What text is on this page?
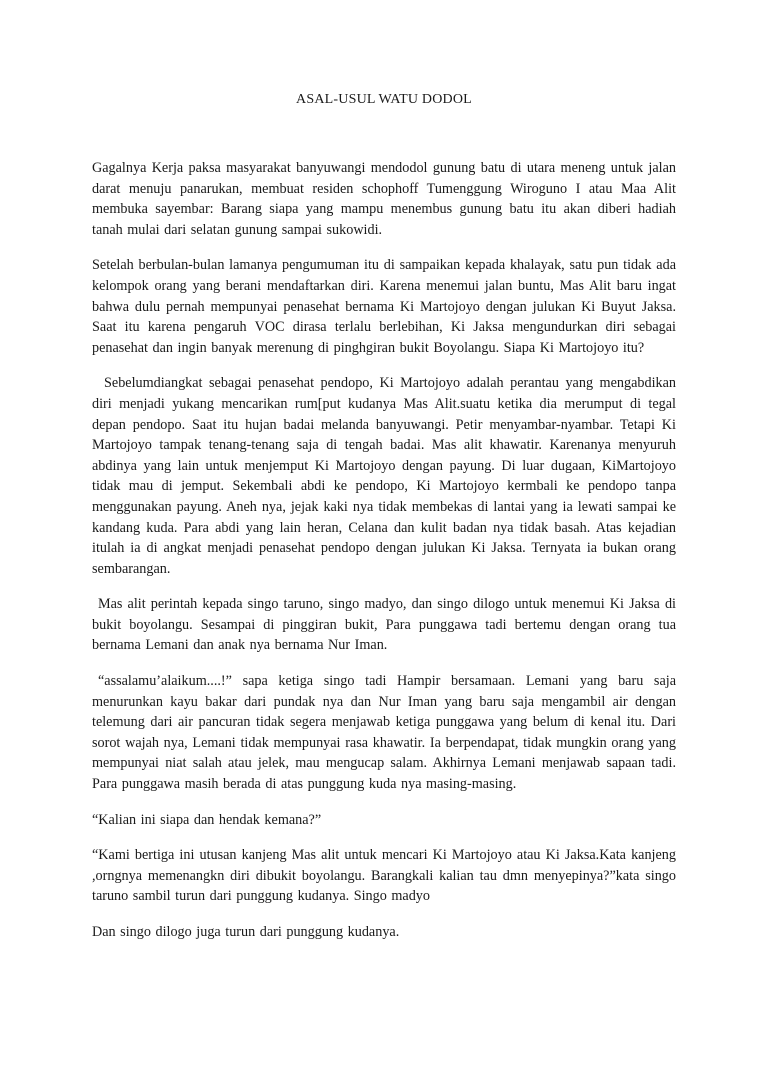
ASAL-USUL WATU DODOL

Gagalnya Kerja paksa masyarakat banyuwangi mendodol gunung batu di utara meneng untuk jalan darat menuju panarukan, membuat residen schophoff Tumenggung Wiroguno I atau Maa Alit membuka sayembar: Barang siapa yang mampu menembus gunung batu itu akan diberi hadiah tanah mulai dari selatan gunung sampai sukowidi.

Setelah berbulan-bulan lamanya pengumuman itu di sampaikan kepada khalayak, satu pun tidak ada kelompok orang yang berani mendaftarkan diri. Karena menemui jalan buntu, Mas Alit baru ingat bahwa dulu pernah mempunyai penasehat bernama Ki Martojoyo dengan julukan Ki Buyut Jaksa. Saat itu karena pengaruh VOC dirasa terlalu berlebihan, Ki Jaksa mengundurkan diri sebagai penasehat dan ingin banyak merenung di pinghgiran bukit Boyolangu. Siapa Ki Martojoyo itu?

Sebelumdiangkat sebagai penasehat pendopo, Ki Martojoyo adalah perantau yang mengabdikan diri menjadi yukang mencarikan rum[put kudanya Mas Alit.suatu ketika dia merumput di tegal depan pendopo. Saat itu hujan badai melanda banyuwangi. Petir menyambar-nyambar. Tetapi Ki Martojoyo tampak tenang-tenang saja di tengah badai. Mas alit khawatir. Karenanya menyuruh abdinya yang lain untuk menjemput Ki Martojoyo dengan payung. Di luar dugaan, KiMartojoyo tidak mau di jemput. Sekembali abdi ke pendopo, Ki Martojoyo kermbali ke pendopo tanpa menggunakan payung. Aneh nya, jejak kaki nya tidak membekas di lantai yang ia lewati sampai ke kandang kuda. Para abdi yang lain heran, Celana dan kulit badan nya tidak basah. Atas kejadian itulah ia di angkat menjadi penasehat pendopo dengan julukan Ki Jaksa. Ternyata ia bukan orang sembarangan.

Mas alit perintah kepada singo taruno, singo madyo, dan singo dilogo untuk menemui Ki Jaksa di bukit boyolangu. Sesampai di pinggiran bukit, Para punggawa tadi bertemu dengan orang tua bernama Lemani dan anak nya bernama Nur Iman.

“assalamu’alaikum....!” sapa ketiga singo tadi Hampir bersamaan. Lemani yang baru saja menurunkan kayu bakar dari pundak nya dan Nur Iman yang baru saja mengambil air dengan telemung dari air pancuran tidak segera menjawab ketiga punggawa yang belum di kenal itu. Dari sorot wajah nya, Lemani tidak mempunyai rasa khawatir. Ia berpendapat, tidak mungkin orang yang mempunyai niat salah atau jelek, mau mengucap salam. Akhirnya Lemani menjawab sapaan tadi. Para punggawa masih berada di atas punggung kuda nya masing-masing.

“Kalian ini siapa dan hendak kemana?”

“Kami bertiga ini utusan kanjeng Mas alit untuk mencari Ki Martojoyo atau Ki Jaksa.Kata kanjeng ,orngnya memenangkn diri dibukit boyolangu. Barangkali kalian tau dmn menyepinya?”kata singo taruno sambil turun dari punggung kudanya. Singo madyo

Dan singo dilogo juga turun dari punggung kudanya.
